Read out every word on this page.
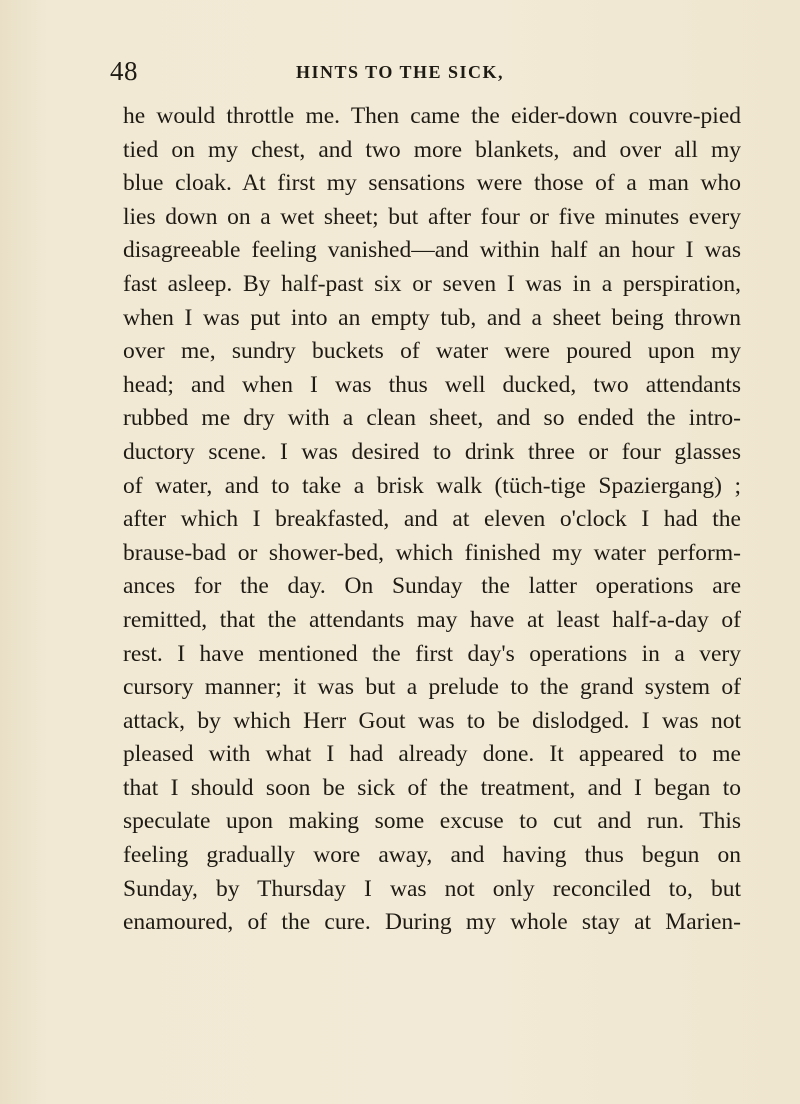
48	HINTS TO THE SICK,
he would throttle me. Then came the eider-down couvre-pied
tied on my chest, and two more blankets, and over all my
blue cloak. At first my sensations were those of a man who
lies down on a wet sheet; but after four or five minutes every
disagreeable feeling vanished—and within half an hour I was
fast asleep. By half-past six or seven I was in a perspiration,
when I was put into an empty tub, and a sheet being thrown
over me, sundry buckets of water were poured upon my
head; and when I was thus well ducked, two attendants
rubbed me dry with a clean sheet, and so ended the intro-
ductory scene. I was desired to drink three or four glasses
of water, and to take a brisk walk (tüch-tige Spaziergang) ;
after which I breakfasted, and at eleven o'clock I had the
brause-bad or shower-bed, which finished my water perform-
ances for the day. On Sunday the latter operations are
remitted, that the attendants may have at least half-a-day of
rest. I have mentioned the first day's operations in a very
cursory manner; it was but a prelude to the grand system of
attack, by which Herr Gout was to be dislodged. I was not
pleased with what I had already done. It appeared to me
that I should soon be sick of the treatment, and I began to
speculate upon making some excuse to cut and run. This
feeling gradually wore away, and having thus begun on
Sunday, by Thursday I was not only reconciled to, but
enamoured, of the cure. During my whole stay at Marien-
